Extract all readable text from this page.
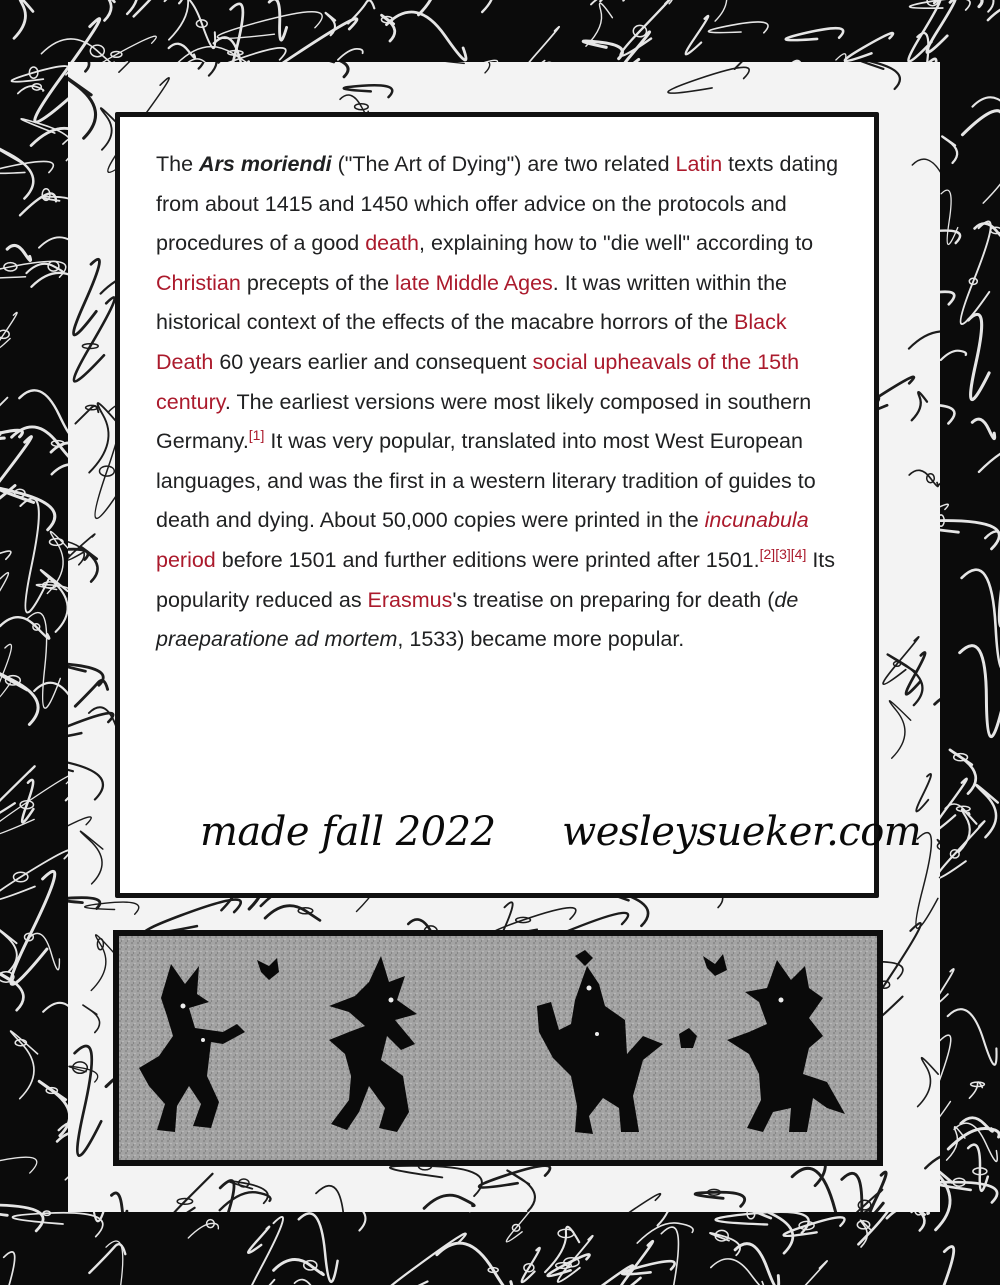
The Ars moriendi ("The Art of Dying") are two related Latin texts dating from about 1415 and 1450 which offer advice on the protocols and procedures of a good death, explaining how to "die well" according to Christian precepts of the late Middle Ages. It was written within the historical context of the effects of the macabre horrors of the Black Death 60 years earlier and consequent social upheavals of the 15th century. The earliest versions were most likely composed in southern Germany.[1] It was very popular, translated into most West European languages, and was the first in a western literary tradition of guides to death and dying. About 50,000 copies were printed in the incunabula period before 1501 and further editions were printed after 1501.[2][3][4] Its popularity reduced as Erasmus's treatise on preparing for death (de praeparatione ad mortem, 1533) became more popular.
made fall 2022 wesleysueker.com
